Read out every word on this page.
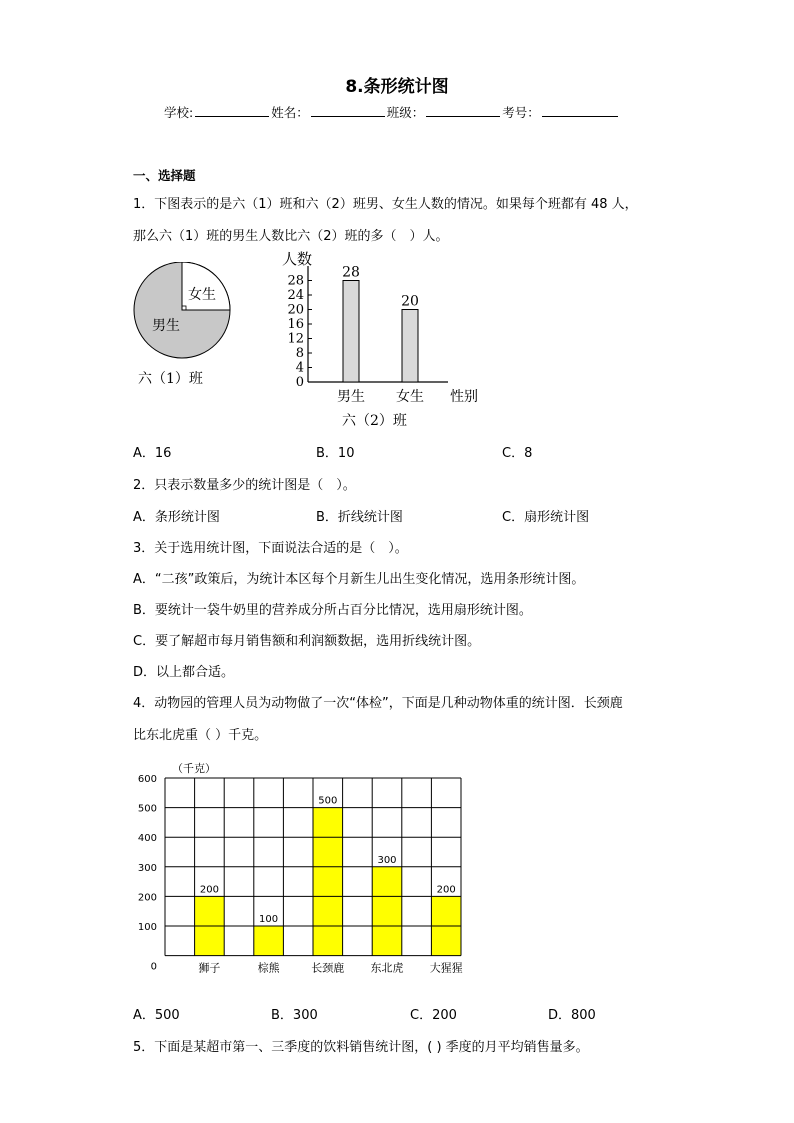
8.条形统计图
学校:	姓名：	班级：	考号：
一、选择题
1．下图表示的是六（1）班和六（2）班男、女生人数的情况。如果每个班都有 48 人，
那么六（1）班的男生人数比六（2）班的多（　）人。
女生
男生
六（1）班	0
4
8
12
16
20
24
28
28
20
男生 女生
人数
性别
六（2）班
A．16	B．10	C．8
2．只表示数量多少的统计图是（　）。
A．条形统计图	B．折线统计图	C．扇形统计图
3．关于选用统计图，下面说法合适的是（　）。
A．“二孩”政策后，为统计本区每个月新生儿出生变化情况，选用条形统计图。
B．要统计一袋牛奶里的营养成分所占百分比情况，选用扇形统计图。
C．要了解超市每月销售额和利润额数据，选用折线统计图。
D．以上都合适。
4．动物园的管理人员为动物做了一次“体检”，下面是几种动物体重的统计图．长颈鹿
比东北虎重（ ）千克。
0
100
200
300
400
500
600
狮子	棕熊	长颈鹿 东北虎 大猩猩
200
100
500
300
200
（千克）
A．500	B．300	C．200	D．800
5．下面是某超市第一、三季度的饮料销售统计图，( ) 季度的月平均销售量多。
